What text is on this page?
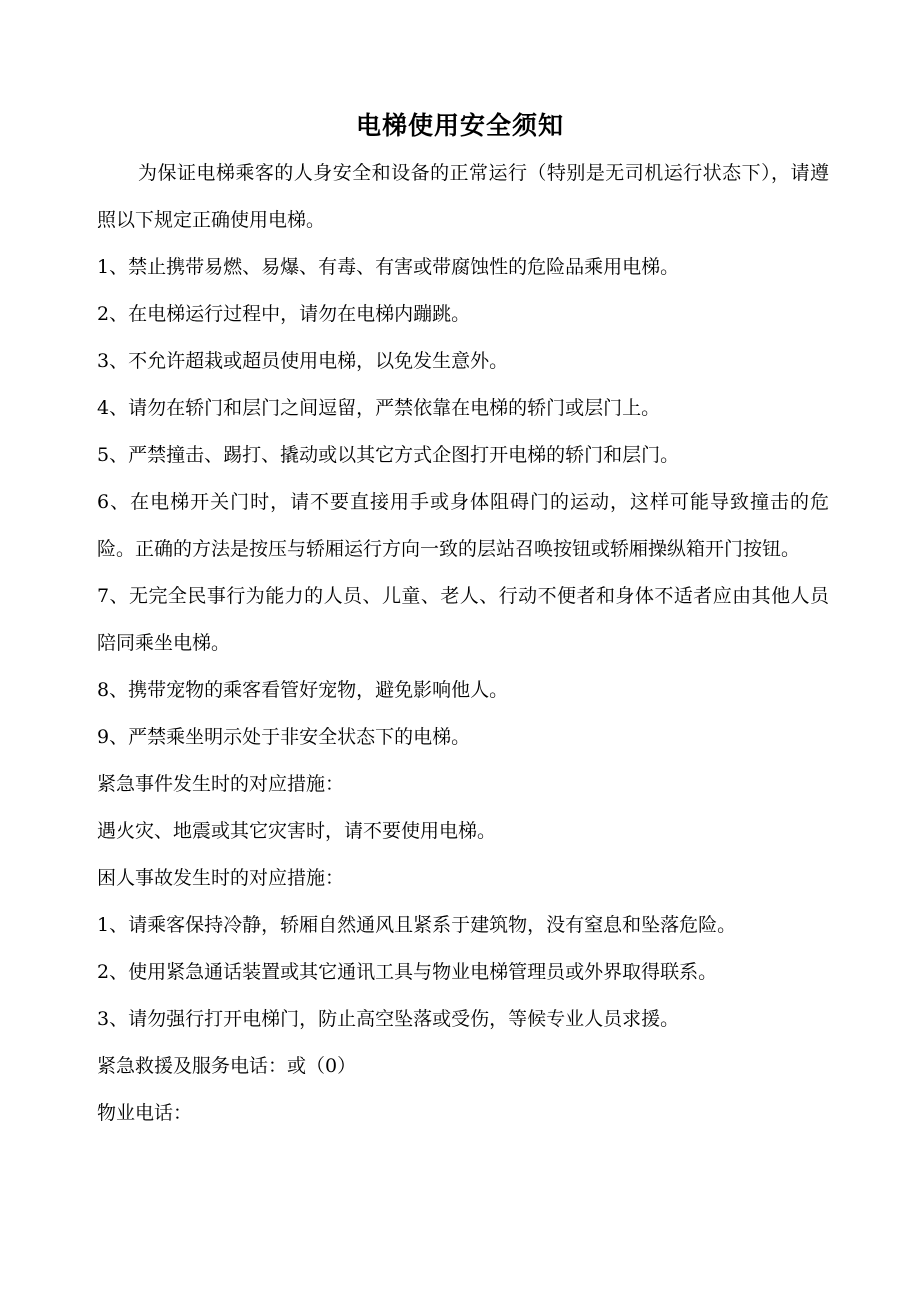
电梯使用安全须知

为保证电梯乘客的人身安全和设备的正常运行（特别是无司机运行状态下），请遵照以下规定正确使用电梯。

1、禁止携带易燃、易爆、有毒、有害或带腐蚀性的危险品乘用电梯。

2、在电梯运行过程中，请勿在电梯内蹦跳。

3、不允许超栽或超员使用电梯，以免发生意外。

4、请勿在轿门和层门之间逗留，严禁依靠在电梯的轿门或层门上。

5、严禁撞击、踢打、撬动或以其它方式企图打开电梯的轿门和层门。

6、在电梯开关门时，请不要直接用手或身体阻碍门的运动，这样可能导致撞击的危险。正确的方法是按压与轿厢运行方向一致的层站召唤按钮或轿厢操纵箱开门按钮。

7、无完全民事行为能力的人员、儿童、老人、行动不便者和身体不适者应由其他人员陪同乘坐电梯。

8、携带宠物的乘客看管好宠物，避免影响他人。

9、严禁乘坐明示处于非安全状态下的电梯。

紧急事件发生时的对应措施：

遇火灾、地震或其它灾害时，请不要使用电梯。

困人事故发生时的对应措施：

1、请乘客保持冷静，轿厢自然通风且紧系于建筑物，没有窒息和坠落危险。

2、使用紧急通话装置或其它通讯工具与物业电梯管理员或外界取得联系。

3、请勿强行打开电梯门，防止高空坠落或受伤，等候专业人员求援。

紧急救援及服务电话：或（0）

物业电话：
